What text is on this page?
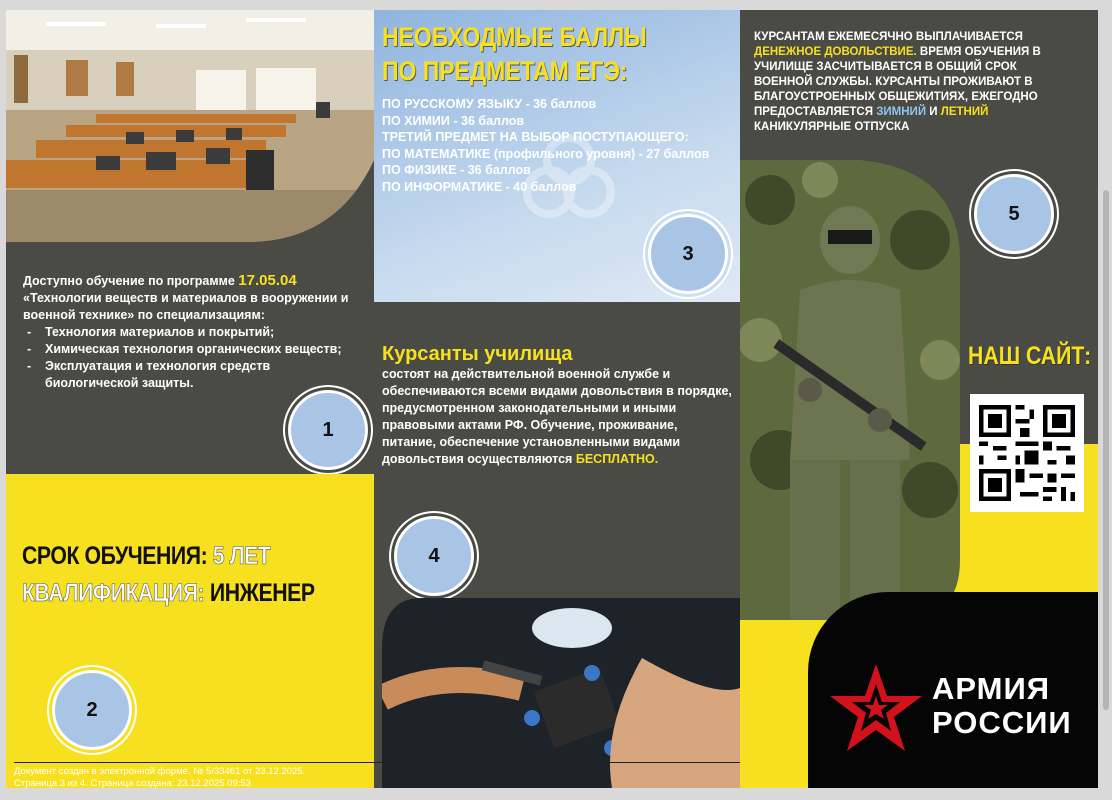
Доступно обучение по программе 17.05.04
«Технологии веществ и материалов в вооружении и военной технике» по специализациям:
- Технология материалов и покрытий;
- Химическая технология органических веществ;
- Эксплуатация и технология средств биологической защиты.
1
СРОК ОБУЧЕНИЯ: 5 ЛЕТ
КВАЛИФИКАЦИЯ: ИНЖЕНЕР
2
НЕОБХОДМЫЕ БАЛЛЫ
ПО ПРЕДМЕТАМ ЕГЭ:
ПО РУССКОМУ ЯЗЫКУ - 36 баллов
ПО ХИМИИ - 36 баллов
ТРЕТИЙ ПРЕДМЕТ НА ВЫБОР ПОСТУПАЮЩЕГО:
ПО МАТЕМАТИКЕ (профильного уровня) - 27 баллов
ПО ФИЗИКЕ - 36 баллов
ПО ИНФОРМАТИКЕ - 40 баллов
3
Курсанты училища
состоят на действительной военной службе и обеспечиваются всеми видами довольствия в порядке, предусмотренном законодательными и иными правовыми актами РФ. Обучение, проживание, питание, обеспечение установленными видами довольствия осуществляются БЕСПЛАТНО.
4
КУРСАНТАМ ЕЖЕМЕСЯЧНО ВЫПЛАЧИВАЕТСЯ ДЕНЕЖНОЕ ДОВОЛЬСТВИЕ. ВРЕМЯ ОБУЧЕНИЯ В УЧИЛИЩЕ ЗАСЧИТЫВАЕТСЯ В ОБЩИЙ СРОК ВОЕННОЙ СЛУЖБЫ. КУРСАНТЫ ПРОЖИВАЮТ В БЛАГОУСТРОЕННЫХ ОБЩЕЖИТИЯХ, ЕЖЕГОДНО ПРЕДОСТАВЛЯЕТСЯ ЗИМНИЙ И ЛЕТНИЙ КАНИКУЛЯРНЫЕ ОТПУСКА
5
НАШ САЙТ:
АРМИЯ
РОССИИ
Документ создан в электронной форме. № 5/33461 от 23.12.2025.
Страница 3 из 4. Страница создана: 23.12.2025 09:53
